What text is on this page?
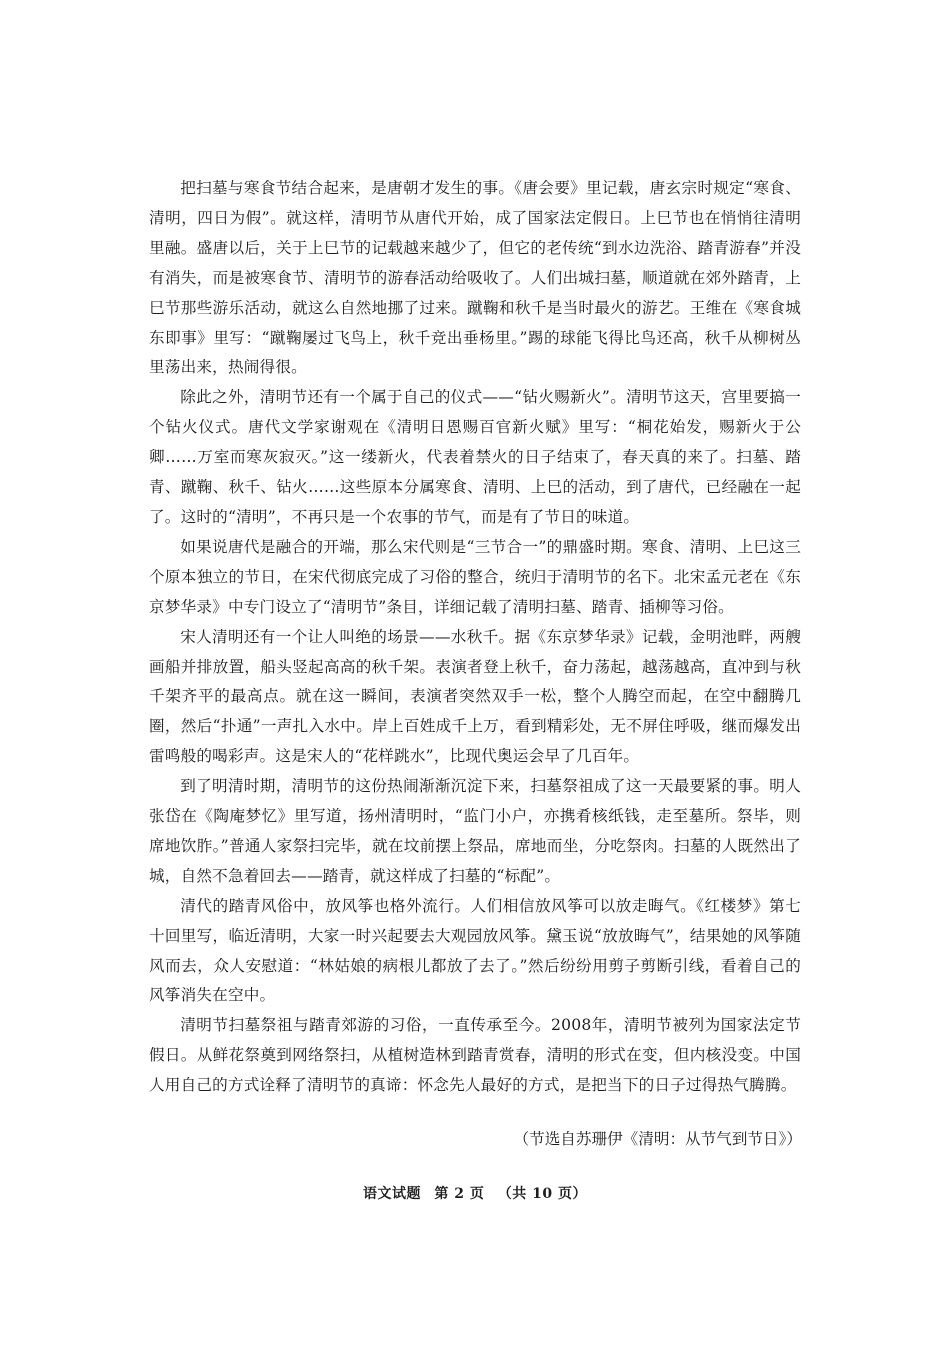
把扫墓与寒食节结合起来，是唐朝才发生的事。《唐会要》里记载，唐玄宗时规定“寒食、清明，四日为假”。就这样，清明节从唐代开始，成了国家法定假日。上巳节也在悄悄往清明里融。盛唐以后，关于上巳节的记载越来越少了，但它的老传统“到水边洗浴、踏青游春”并没有消失，而是被寒食节、清明节的游春活动给吸收了。人们出城扫墓，顺道就在郊外踏青，上巳节那些游乐活动，就这么自然地挪了过来。蹴鞠和秋千是当时最火的游艺。王维在《寒食城东即事》里写：“蹴鞠屡过飞鸟上，秋千竞出垂杨里。”踢的球能飞得比鸟还高，秋千从柳树丛里荡出来，热闹得很。

除此之外，清明节还有一个属于自己的仪式——“钻火赐新火”。清明节这天，宫里要搞一个钻火仪式。唐代文学家谢观在《清明日恩赐百官新火赋》里写：“桐花始发，赐新火于公卿……万室而寒灰寂灭。”这一缕新火，代表着禁火的日子结束了，春天真的来了。扫墓、踏青、蹴鞠、秋千、钻火……这些原本分属寒食、清明、上巳的活动，到了唐代，已经融在一起了。这时的“清明”，不再只是一个农事的节气，而是有了节日的味道。

如果说唐代是融合的开端，那么宋代则是“三节合一”的鼎盛时期。寒食、清明、上巳这三个原本独立的节日，在宋代彻底完成了习俗的整合，统归于清明节的名下。北宋孟元老在《东京梦华录》中专门设立了“清明节”条目，详细记载了清明扫墓、踏青、插柳等习俗。

宋人清明还有一个让人叫绝的场景——水秋千。据《东京梦华录》记载，金明池畔，两艘画船并排放置，船头竖起高高的秋千架。表演者登上秋千，奋力荡起，越荡越高，直冲到与秋千架齐平的最高点。就在这一瞬间，表演者突然双手一松，整个人腾空而起，在空中翻腾几圈，然后“扑通”一声扎入水中。岸上百姓成千上万，看到精彩处，无不屏住呼吸，继而爆发出雷鸣般的喝彩声。这是宋人的“花样跳水”，比现代奥运会早了几百年。

到了明清时期，清明节的这份热闹渐渐沉淀下来，扫墓祭祖成了这一天最要紧的事。明人张岱在《陶庵梦忆》里写道，扬州清明时，“监门小户，亦携肴核纸钱，走至墓所。祭毕，则席地饮胙。”普通人家祭扫完毕，就在坟前摆上祭品，席地而坐，分吃祭肉。扫墓的人既然出了城，自然不急着回去——踏青，就这样成了扫墓的“标配”。

清代的踏青风俗中，放风筝也格外流行。人们相信放风筝可以放走晦气。《红楼梦》第七十回里写，临近清明，大家一时兴起要去大观园放风筝。黛玉说“放放晦气”，结果她的风筝随风而去，众人安慰道：“林姑娘的病根儿都放了去了。”然后纷纷用剪子剪断引线，看着自己的风筝消失在空中。

清明节扫墓祭祖与踏青郊游的习俗，一直传承至今。2008年，清明节被列为国家法定节假日。从鲜花祭奠到网络祭扫，从植树造林到踏青赏春，清明的形式在变，但内核没变。中国人用自己的方式诠释了清明节的真谛：怀念先人最好的方式，是把当下的日子过得热气腾腾。

（节选自苏珊伊《清明：从节气到节日》）
语文试题 第 2 页 （共 10 页）
